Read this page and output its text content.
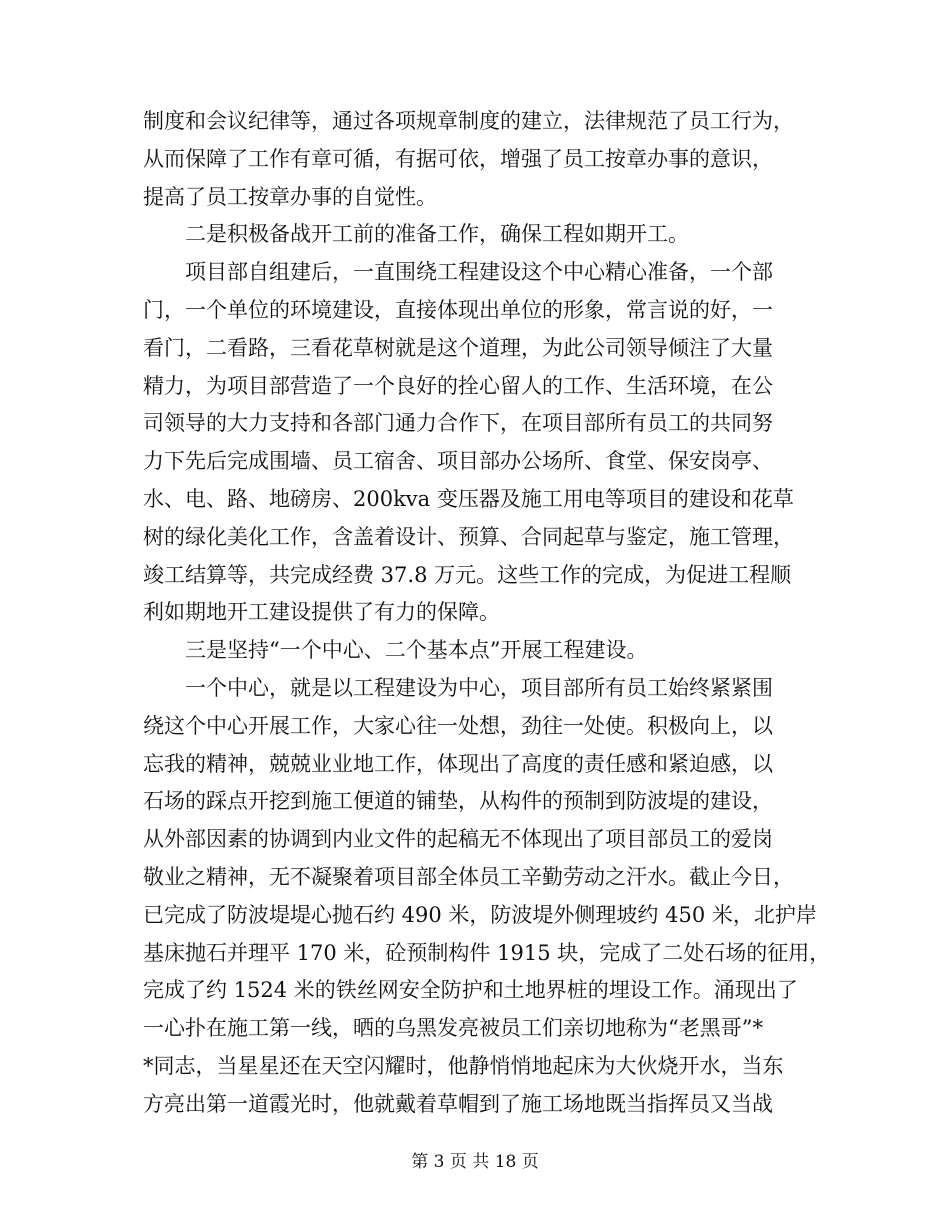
制度和会议纪律等，通过各项规章制度的建立，法律规范了员工行为，
从而保障了工作有章可循，有据可依，增强了员工按章办事的意识，
提高了员工按章办事的自觉性。
二是积极备战开工前的准备工作，确保工程如期开工。
项目部自组建后，一直围绕工程建设这个中心精心准备，一个部
门，一个单位的环境建设，直接体现出单位的形象，常言说的好，一
看门，二看路，三看花草树就是这个道理，为此公司领导倾注了大量
精力，为项目部营造了一个良好的拴心留人的工作、生活环境，在公
司领导的大力支持和各部门通力合作下，在项目部所有员工的共同努
力下先后完成围墙、员工宿舍、项目部办公场所、食堂、保安岗亭、
水、电、路、地磅房、200kva 变压器及施工用电等项目的建设和花草
树的绿化美化工作，含盖着设计、预算、合同起草与鉴定，施工管理，
竣工结算等，共完成经费 37.8 万元。这些工作的完成，为促进工程顺
利如期地开工建设提供了有力的保障。
三是坚持“一个中心、二个基本点”开展工程建设。
一个中心，就是以工程建设为中心，项目部所有员工始终紧紧围
绕这个中心开展工作，大家心往一处想，劲往一处使。积极向上，以
忘我的精神，兢兢业业地工作，体现出了高度的责任感和紧迫感，以
石场的踩点开挖到施工便道的铺垫，从构件的预制到防波堤的建设，
从外部因素的协调到内业文件的起稿无不体现出了项目部员工的爱岗
敬业之精神，无不凝聚着项目部全体员工辛勤劳动之汗水。截止今日，
已完成了防波堤堤心抛石约 490 米，防波堤外侧理坡约 450 米，北护岸
基床抛石并理平 170 米，砼预制构件 1915 块，完成了二处石场的征用，
完成了约 1524 米的铁丝网安全防护和土地界桩的埋设工作。涌现出了
一心扑在施工第一线，晒的乌黑发亮被员工们亲切地称为“老黑哥”*
*同志，当星星还在天空闪耀时，他静悄悄地起床为大伙烧开水，当东
方亮出第一道霞光时，他就戴着草帽到了施工场地既当指挥员又当战
第 3 页 共 18 页
